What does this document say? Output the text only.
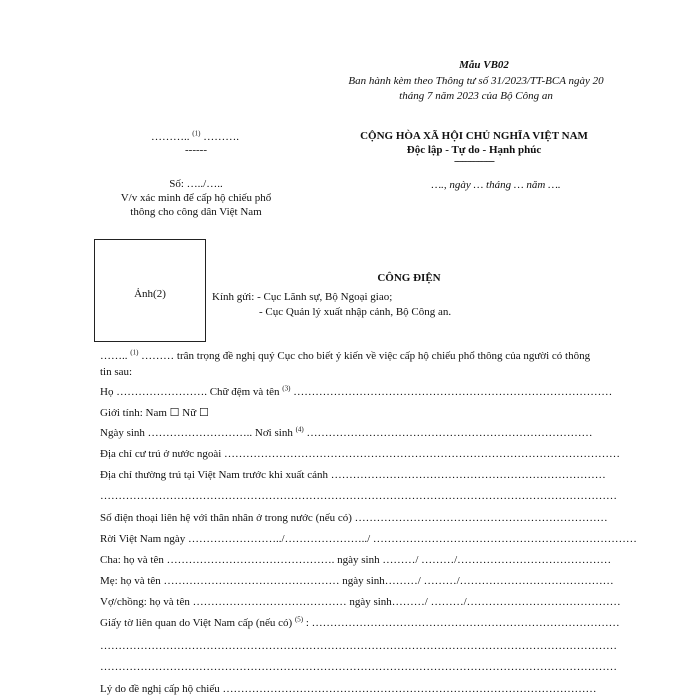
Mẫu VB02
Ban hành kèm theo Thông tư số 31/2023/TT-BCA ngày 20
tháng 7 năm 2023 của Bộ Công an
……….. $^{(1)}$ ……….
------
Số: …../…..
V/v xác minh để cấp hộ chiếu phổ
thông cho công dân Việt Nam
CỘNG HÒA XÃ HỘI CHỦ NGHĨA VIỆT NAM
Độc lập - Tự do - Hạnh phúc
---------------
…., ngày … tháng … năm ….
Ảnh(2)
CÔNG ĐIỆN
Kính gửi: - Cục Lãnh sự, Bộ Ngoại giao;
- Cục Quản lý xuất nhập cảnh, Bộ Công an.
…….. $^{(1)}$ ……… trân trọng đề nghị quý Cục cho biết ý kiến về việc cấp hộ chiếu phổ thông của người có thông
tin sau:
Họ ……………………. Chữ đệm và tên $^{(3)}$ ……………………………………………………………………………
Giới tính: Nam ☐ Nữ ☐
Ngày sinh ……………………….. Nơi sinh $^{(4)}$ ……………………………………………………………………
Địa chỉ cư trú ở nước ngoài ………………………………………………………………………………………………
Địa chỉ thường trú tại Việt Nam trước khi xuất cảnh …………………………………………………………………
……………………………………………………………………………………………………………………………
Số điện thoại liên hệ với thân nhân ở trong nước (nếu có) ……………………………………………………………
Rời Việt Nam ngày ……………………../…………………../ ………………………………………………………………
Cha: họ và tên ………………………………………. ngày sinh ………/ ………/……………………………………
Mẹ: họ và tên ………………………………………… ngày sinh………/ ………/……………………………………
Vợ/chồng: họ và tên …………………………………… ngày sinh………/ ………/……………………………………
Giấy tờ liên quan do Việt Nam cấp (nếu có) $^{(5)}$ : …………………………………………………………………………
……………………………………………………………………………………………………………………………
……………………………………………………………………………………………………………………………
Lý do đề nghị cấp hộ chiếu …………………………………………………………………………………………
